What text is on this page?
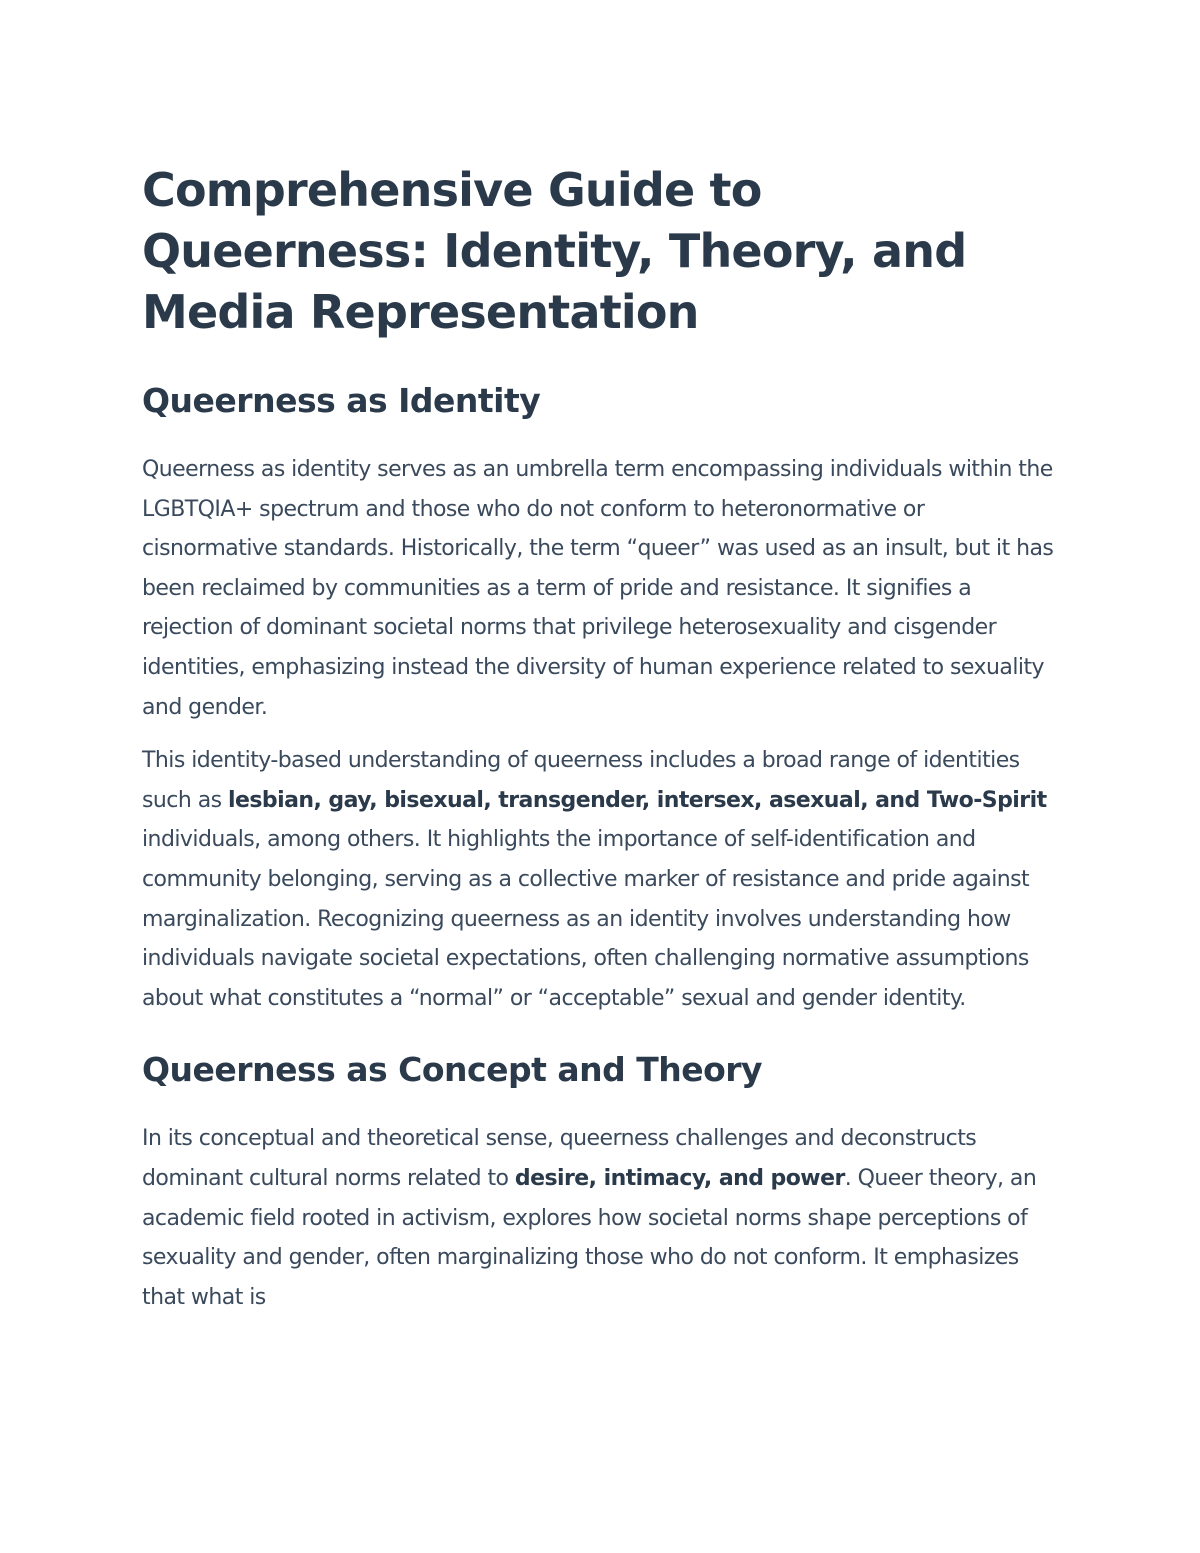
Comprehensive Guide to Queerness: Identity, Theory, and Media Representation
Queerness as Identity

Queerness as identity serves as an umbrella term encompassing individuals within the LGBTQIA+ spectrum and those who do not conform to heteronormative or cisnormative standards. Historically, the term “queer” was used as an insult, but it has been reclaimed by communities as a term of pride and resistance. It signifies a rejection of dominant societal norms that privilege heterosexuality and cisgender identities, emphasizing instead the diversity of human experience related to sexuality and gender.

This identity-based understanding of queerness includes a broad range of identities such as lesbian, gay, bisexual, transgender, intersex, asexual, and Two-Spirit individuals, among others. It highlights the importance of self-identification and community belonging, serving as a collective marker of resistance and pride against marginalization. Recognizing queerness as an identity involves understanding how individuals navigate societal expectations, often challenging normative assumptions about what constitutes a “normal” or “acceptable” sexual and gender identity.

Queerness as Concept and Theory

In its conceptual and theoretical sense, queerness challenges and deconstructs dominant cultural norms related to desire, intimacy, and power. Queer theory, an academic field rooted in activism, explores how societal norms shape perceptions of sexuality and gender, often marginalizing those who do not conform. It emphasizes that what is
